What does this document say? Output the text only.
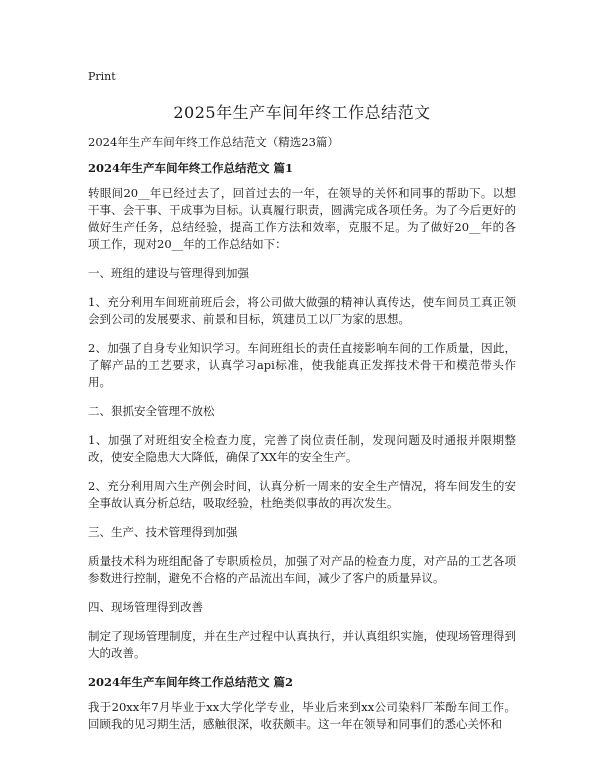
Print
2025年生产车间年终工作总结范文

2024年生产车间年终工作总结范文（精选23篇）

2024年生产车间年终工作总结范文 篇1

转眼间20__年已经过去了，回首过去的一年，在领导的关怀和同事的帮助下。以想干事、会干事、干成事为目标。认真履行职责，圆满完成各项任务。为了今后更好的做好生产任务，总结经验，提高工作方法和效率，克服不足。为了做好20__年的各项工作，现对20__年的工作总结如下：

一、班组的建设与管理得到加强

1、充分利用车间班前班后会，将公司做大做强的精神认真传达，使车间员工真正领会到公司的发展要求、前景和目标，筑建员工以厂为家的思想。

2、加强了自身专业知识学习。车间班组长的责任直接影响车间的工作质量，因此，了解产品的工艺要求，认真学习api标准，使我能真正发挥技术骨干和模范带头作用。

二、狠抓安全管理不放松

1、加强了对班组安全检查力度，完善了岗位责任制，发现问题及时通报并限期整改，使安全隐患大大降低，确保了XX年的安全生产。

2、充分利用周六生产例会时间，认真分析一周来的安全生产情况，将车间发生的安全事故认真分析总结，吸取经验，杜绝类似事故的再次发生。

三、生产、技术管理得到加强

质量技术科为班组配备了专职质检员，加强了对产品的检查力度，对产品的工艺各项参数进行控制，避免不合格的产品流出车间，减少了客户的质量异议。

四、现场管理得到改善

制定了现场管理制度，并在生产过程中认真执行，并认真组织实施，使现场管理得到大的改善。

2024年生产车间年终工作总结范文 篇2

我于20xx年7月毕业于xx大学化学专业，毕业后来到xx公司染料厂苯酚车间工作。回顾我的见习期生活，感触很深，收获颇丰。这一年在领导和同事们的悉心关怀和
